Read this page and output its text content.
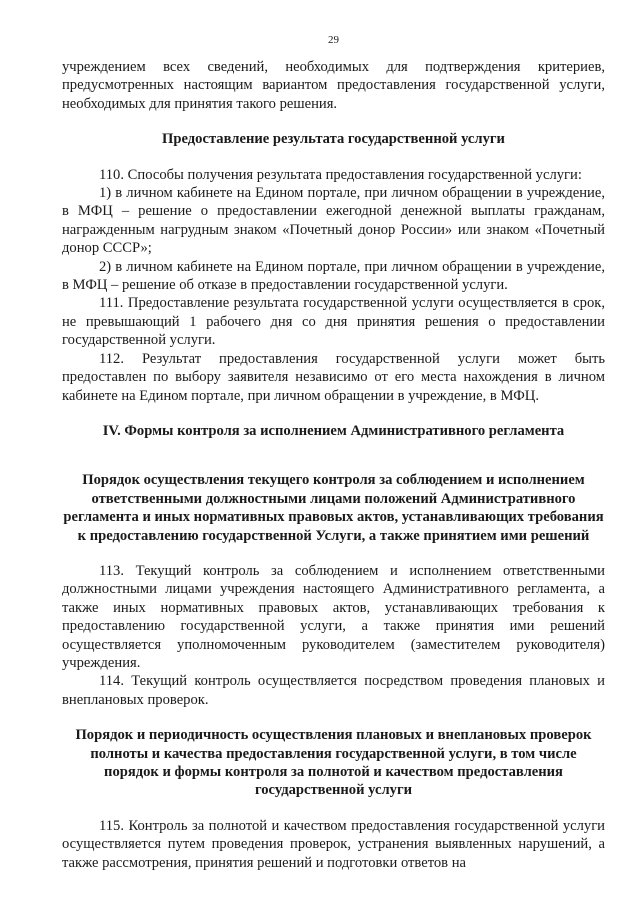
29

учреждением всех сведений, необходимых для подтверждения критериев, предусмотренных настоящим вариантом предоставления государственной услуги, необходимых для принятия такого решения.

Предоставление результата государственной услуги

110. Способы получения результата предоставления государственной услуги:

1) в личном кабинете на Едином портале, при личном обращении в учреждение, в МФЦ – решение о предоставлении ежегодной денежной выплаты гражданам, награжденным нагрудным знаком «Почетный донор России» или знаком «Почетный донор СССР»;

2) в личном кабинете на Едином портале, при личном обращении в учреждение, в МФЦ – решение об отказе в предоставлении государственной услуги.

111. Предоставление результата государственной услуги осуществляется в срок, не превышающий 1 рабочего дня со дня принятия решения о предоставлении государственной услуги.

112. Результат предоставления государственной услуги может быть предоставлен по выбору заявителя независимо от его места нахождения в личном кабинете на Едином портале, при личном обращении в учреждение, в МФЦ.

IV. Формы контроля за исполнением Административного регламента
Порядок осуществления текущего контроля за соблюдением и исполнением ответственными должностными лицами положений Административного регламента и иных нормативных правовых актов, устанавливающих требования к предоставлению государственной Услуги, а также принятием ими решений

113. Текущий контроль за соблюдением и исполнением ответственными должностными лицами учреждения настоящего Административного регламента, а также иных нормативных правовых актов, устанавливающих требования к предоставлению государственной услуги, а также принятия ими решений осуществляется уполномоченным руководителем (заместителем руководителя) учреждения.

114. Текущий контроль осуществляется посредством проведения плановых и внеплановых проверок.

Порядок и периодичность осуществления плановых и внеплановых проверок полноты и качества предоставления государственной услуги, в том числе порядок и формы контроля за полнотой и качеством предоставления государственной услуги

115. Контроль за полнотой и качеством предоставления государственной услуги осуществляется путем проведения проверок, устранения выявленных нарушений, а также рассмотрения, принятия решений и подготовки ответов на
